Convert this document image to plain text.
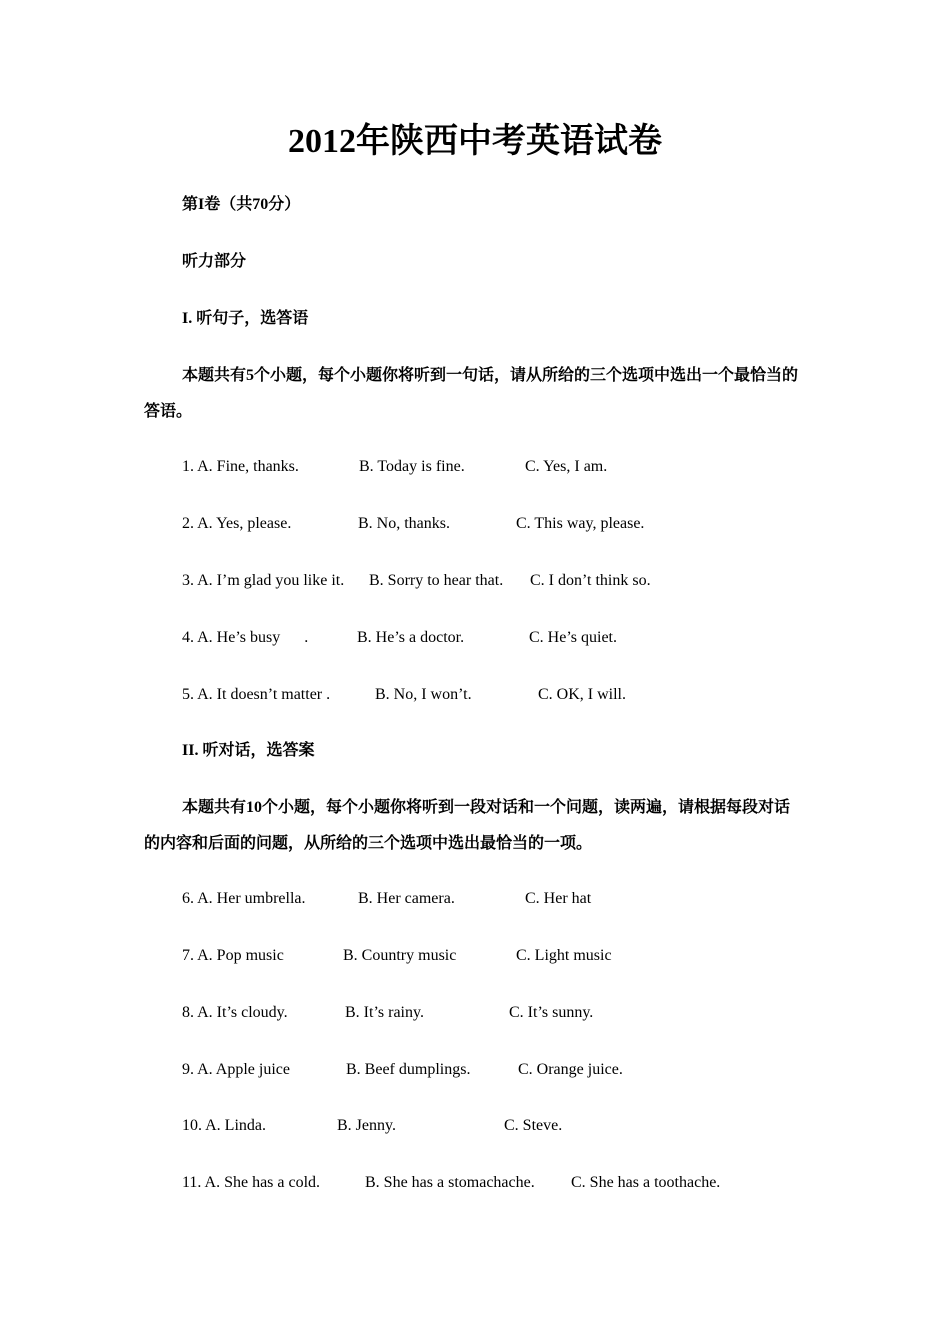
2012年陕西中考英语试卷
第I卷（共70分）
听力部分
I. 听句子，选答语
本题共有5个小题，每个小题你将听到一句话，请从所给的三个选项中选出一个最恰当的答语。
1. A. Fine, thanks.	B. Today is fine.	C. Yes, I am.
2. A. Yes, please.	B. No, thanks.	C. This way, please.
3. A. I’m glad you like it. B. Sorry to hear that. C. I don’t think so.
4. A. He’s busy      .	B. He’s a doctor.	C. He’s quiet.
5. A. It doesn’t matter .	B. No, I won’t.	C. OK, I will.
II. 听对话，选答案
本题共有10个小题，每个小题你将听到一段对话和一个问题，读两遍，请根据每段对话的内容和后面的问题，从所给的三个选项中选出最恰当的一项。
6. A. Her umbrella.	B. Her camera.	C. Her hat
7. A. Pop music	B. Country music	C. Light music
8. A. It’s cloudy.	B. It’s rainy.	C. It’s sunny.
9. A. Apple juice	B. Beef dumplings.	C. Orange juice.
10. A. Linda.	B. Jenny.	C. Steve.
11. A. She has a cold.	B. She has a stomachache. C. She has a toothache.
